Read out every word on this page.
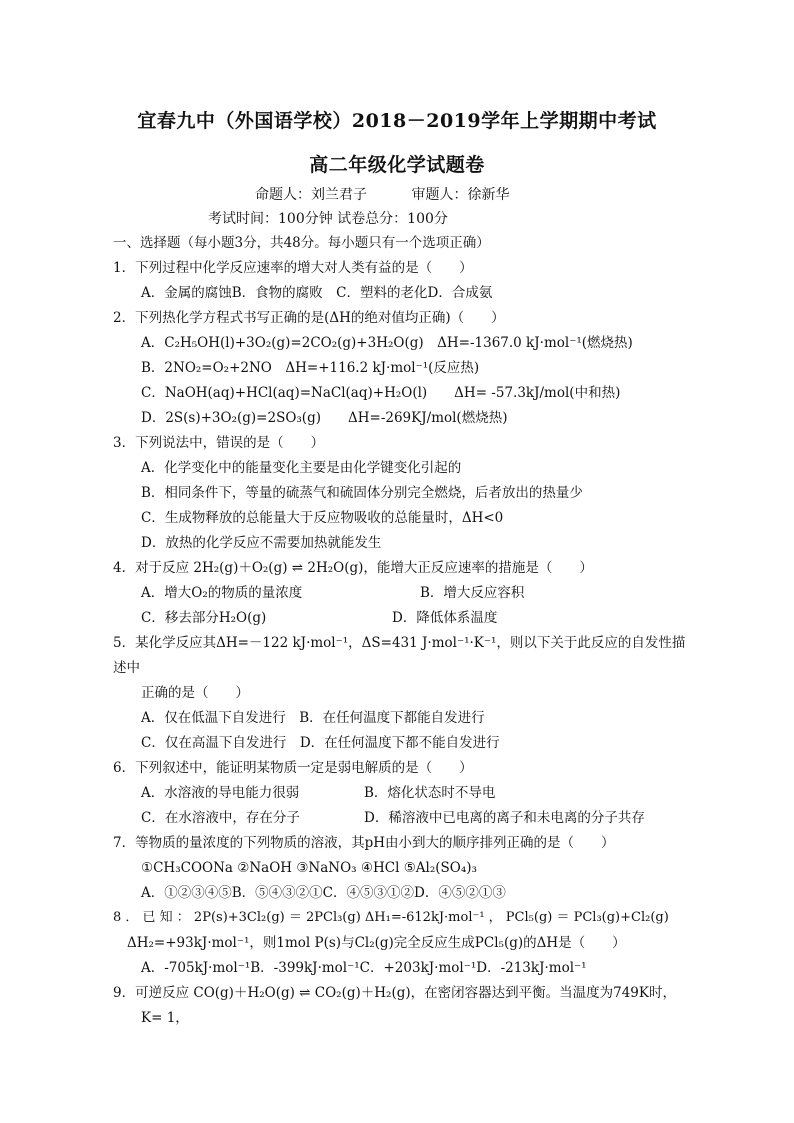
宜春九中（外国语学校）2018－2019学年上学期期中考试
高二年级化学试题卷
命题人：刘兰君子          审题人：徐新华
考试时间：100分钟 试卷总分：100分
一、选择题（每小题3分，共48分。每小题只有一个选项正确）
1．下列过程中化学反应速率的增大对人类有益的是（　　）
A．金属的腐蚀B．食物的腐败　C．塑料的老化D．合成氨
2．下列热化学方程式书写正确的是(ΔH的绝对值均正确)（　　）
A．C₂H₅OH(l)+3O₂(g)=2CO₂(g)+3H₂O(g)　ΔH=-1367.0 kJ·mol⁻¹(燃烧热)
B．2NO₂=O₂+2NO　ΔH=+116.2 kJ·mol⁻¹(反应热)
C．NaOH(aq)+HCl(aq)=NaCl(aq)+H₂O(l)　　ΔH= -57.3kJ/mol(中和热)
D．2S(s)+3O₂(g)=2SO₃(g)　　ΔH=-269KJ/mol(燃烧热)
3．下列说法中，错误的是（　　）
A．化学变化中的能量变化主要是由化学键变化引起的
B．相同条件下，等量的硫蒸气和硫固体分别完全燃烧，后者放出的热量少
C．生成物释放的总能量大于反应物吸收的总能量时，ΔH<0
D．放热的化学反应不需要加热就能发生
4．对于反应 2H₂(g)＋O₂(g) ⇌ 2H₂O(g)，能增大正反应速率的措施是（　　）
A．增大O₂的物质的量浓度	B．增大反应容积
C．移去部分H₂O(g)	D．降低体系温度
5．某化学反应其ΔH=－122 kJ·mol⁻¹，ΔS=431 J·mol⁻¹·K⁻¹，则以下关于此反应的自发性描
述中
正确的是（　　）
A．仅在低温下自发进行　B．在任何温度下都能自发进行
C．仅在高温下自发进行　D．在任何温度下都不能自发进行
6．下列叙述中，能证明某物质一定是弱电解质的是（　　）
A．水溶液的导电能力很弱	B．熔化状态时不导电
C．在水溶液中，存在分子	D．稀溶液中已电离的离子和未电离的分子共存
7．等物质的量浓度的下列物质的溶液，其pH由小到大的顺序排列正确的是（　　）
①CH₃COONa ②NaOH ③NaNO₃ ④HCl ⑤Al₂(SO₄)₃
A．①②③④⑤B．⑤④③②①C．④⑤③①②D．④⑤②①③
8 ． 已 知 ： 2P(s)+3Cl₂(g) ＝ 2PCl₃(g) ΔH₁=-612kJ·mol⁻¹ ， PCl₅(g) ＝ PCl₃(g)+Cl₂(g)
ΔH₂=+93kJ·mol⁻¹，则1mol P(s)与Cl₂(g)完全反应生成PCl₅(g)的ΔH是（　　）
A．-705kJ·mol⁻¹B．-399kJ·mol⁻¹C．+203kJ·mol⁻¹D．-213kJ·mol⁻¹
9．可逆反应 CO(g)＋H₂O(g) ⇌ CO₂(g)＋H₂(g)，在密闭容器达到平衡。当温度为749K时，
K= 1，
